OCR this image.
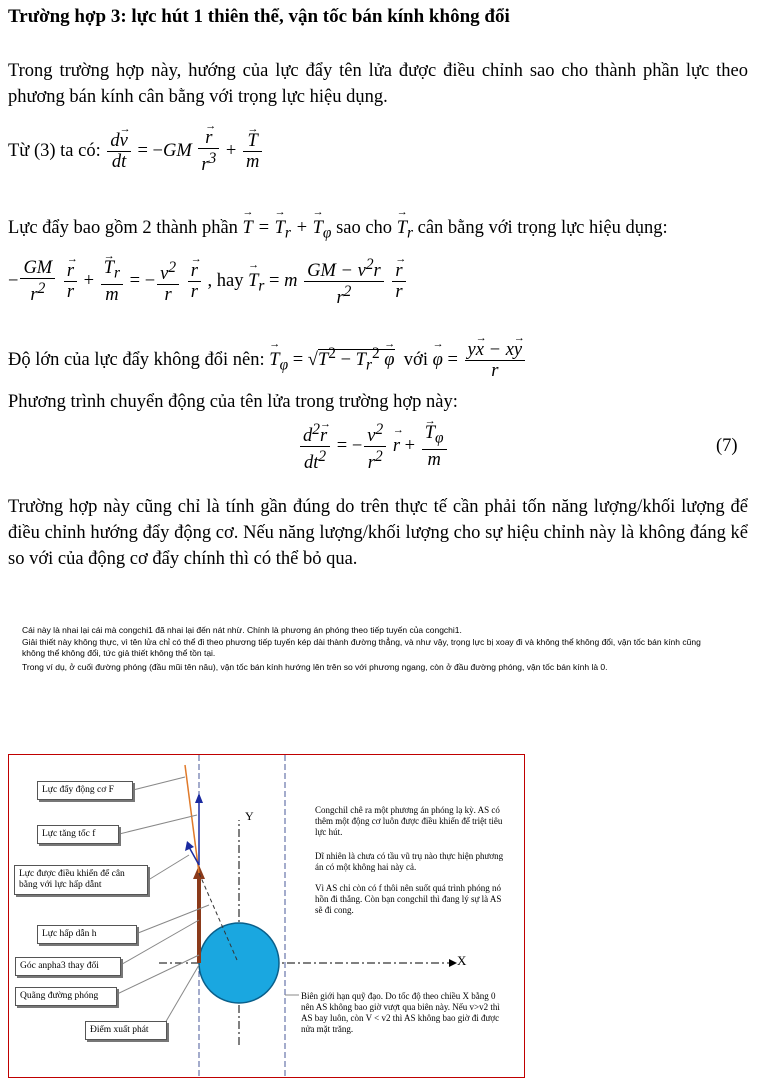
Trường hợp 3: lực hút 1 thiên thể, vận tốc bán kính không đổi
Trong trường hợp này, hướng của lực đẩy tên lửa được điều chỉnh sao cho thành phần lực theo phương bán kính cân bằng với trọng lực hiệu dụng.
Từ (3) ta có: $\frac{d\to v}{dt} = -GM$
→ $\frac{r}{r^3}$ +
→ $\frac{T}{m}$
Lực đẩy bao gồm 2 thành phần → T = → $T_r$ + → $T_\varphi$ sao cho → $T_r$ cân bằng với trọng lực hiệu dụng:
− $\frac{GM}{r^2}$

→ $\frac{r}{r}$ +
→ $\frac{T_r}{m}$ = − $\frac{v^2}{r}$

→ $\frac{r}{r}$ , hay → $T_r = m \frac{GM - v^2r}{r^2}$

→ $\frac{r}{r}$
Độ lớn của lực đẩy không đổi nên: → $T_\varphi = √T^2 - T_r^2 \to \varphi$ với → $\varphi = \frac{y\to x - x\to y}{r}$
Phương trình chuyển động của tên lửa trong trường hợp này:
$\frac{d^2\to r}{dt^2}$ = − $\frac{v^2}{r^2}$
→ r +
→ $\frac{T_\varphi}{m}$	(7)
Trường hợp này cũng chỉ là tính gần đúng do trên thực tế cần phải tốn năng lượng/khối lượng để điều chỉnh hướng đẩy động cơ. Nếu năng lượng/khối lượng cho sự hiệu chỉnh này là không đáng kể so với của động cơ đẩy chính thì có thể bỏ qua.
Cái này là nhai lại cái mà congchi1 đã nhai lại đến nát nhừ. Chính là phương án phóng theo tiếp tuyến của congchi1.
Giải thiết này không thực, vì tên lửa chỉ có thể đi theo phương tiếp tuyến kép dài thành đường thẳng, và như vậy, trọng lực bị xoay đi và không thể không đổi, vận tốc bán kính cũng không thể không đổi, tức giả thiết không thể tồn tại.
Trong ví dụ, ở cuối đường phóng (đầu mũi tên nâu), vận tốc bán kính hướng lên trên so với phương ngang, còn ở đầu đường phóng, vận tốc bán kính là 0.
Y
X
Lực đẩy động cơ F
Lực tăng tốc f
Lực được điều khiển để cân bằng với lực hấp dẫnt
Lực hấp dẫn h
Góc anpha3 thay đổi
Quãng đường phóng
Điểm xuất phát
Congchil chê ra một phương án phóng lạ kỳ. AS có thêm một động cơ luôn được điều khiển để triệt tiêu lực hút.
Dĩ nhiên là chưa có tầu vũ trụ nào thực hiện phương án có một không hai này cả.
Vì AS chỉ còn có f thôi nên suốt quá trình phóng nó hồn đi thẳng. Còn bạn congchil thì đang lý sự là AS sẽ đi cong.
Biên giới hạn quỹ đạo. Do tốc độ theo chiều X bằng 0 nên AS không bao giờ vượt qua biên này. Nếu v>v2 thì AS bay luôn, còn V < v2 thì AS không bao giờ đi được nửa mặt trăng.
